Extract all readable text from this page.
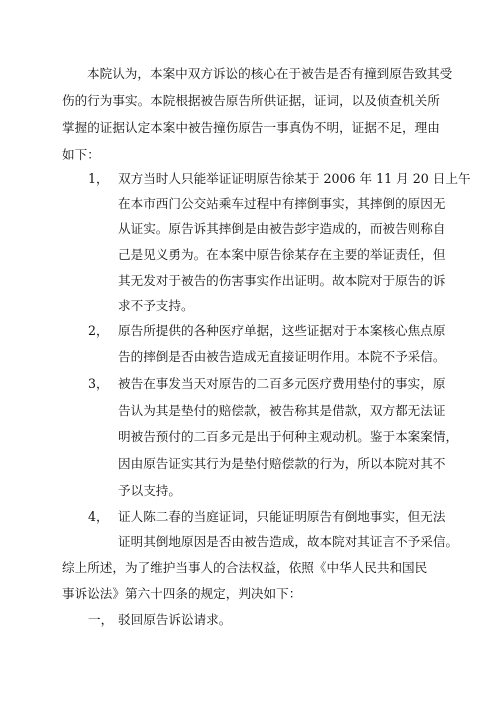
本院认为，本案中双方诉讼的核心在于被告是否有撞到原告致其受
伤的行为事实。本院根据被告原告所供证据，证词，以及侦查机关所
掌握的证据认定本案中被告撞伤原告一事真伪不明，证据不足，理由
如下：
1， 双方当时人只能举证证明原告徐某于 2006 年 11 月 20 日上午
在本市西门公交站乘车过程中有摔倒事实，其摔倒的原因无
从证实。原告诉其摔倒是由被告彭宇造成的，而被告则称自
己是见义勇为。在本案中原告徐某存在主要的举证责任，但
其无发对于被告的伤害事实作出证明。故本院对于原告的诉
求不予支持。
2， 原告所提供的各种医疗单据，这些证据对于本案核心焦点原
告的摔倒是否由被告造成无直接证明作用。本院不予采信。
3， 被告在事发当天对原告的二百多元医疗费用垫付的事实，原
告认为其是垫付的赔偿款，被告称其是借款，双方都无法证
明被告预付的二百多元是出于何种主观动机。鉴于本案案情，
因由原告证实其行为是垫付赔偿款的行为，所以本院对其不
予以支持。
4， 证人陈二春的当庭证词，只能证明原告有倒地事实，但无法
证明其倒地原因是否由被告造成，故本院对其证言不予采信。
综上所述，为了维护当事人的合法权益，依照《中华人民共和国民
事诉讼法》第六十四条的规定，判决如下：
一， 驳回原告诉讼请求。
